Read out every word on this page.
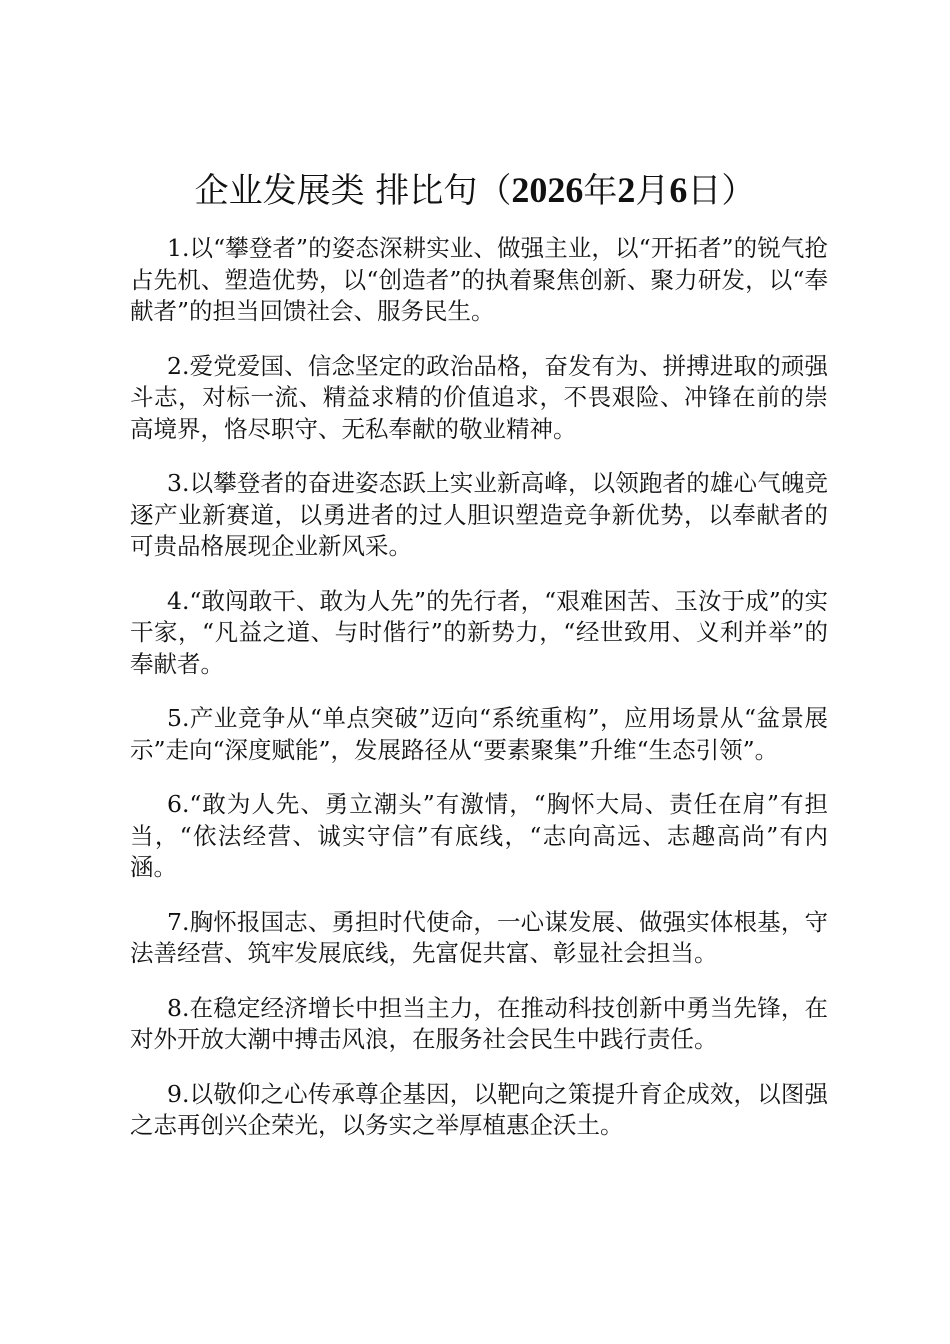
企业发展类 排比句（2026年2月6日）

1.以“攀登者”的姿态深耕实业、做强主业，以“开拓者”的锐气抢占先机、塑造优势，以“创造者”的执着聚焦创新、聚力研发，以“奉献者”的担当回馈社会、服务民生。

2.爱党爱国、信念坚定的政治品格，奋发有为、拼搏进取的顽强斗志，对标一流、精益求精的价值追求，不畏艰险、冲锋在前的崇高境界，恪尽职守、无私奉献的敬业精神。

3.以攀登者的奋进姿态跃上实业新高峰，以领跑者的雄心气魄竞逐产业新赛道，以勇进者的过人胆识塑造竞争新优势，以奉献者的可贵品格展现企业新风采。

4.“敢闯敢干、敢为人先”的先行者，“艰难困苦、玉汝于成”的实干家，“凡益之道、与时偕行”的新势力，“经世致用、义利并举”的奉献者。

5.产业竞争从“单点突破”迈向“系统重构”，应用场景从“盆景展示”走向“深度赋能”，发展路径从“要素聚集”升维“生态引领”。

6.“敢为人先、勇立潮头”有激情，“胸怀大局、责任在肩”有担当，“依法经营、诚实守信”有底线，“志向高远、志趣高尚”有内涵。

7.胸怀报国志、勇担时代使命，一心谋发展、做强实体根基，守法善经营、筑牢发展底线，先富促共富、彰显社会担当。

8.在稳定经济增长中担当主力，在推动科技创新中勇当先锋，在对外开放大潮中搏击风浪，在服务社会民生中践行责任。

9.以敬仰之心传承尊企基因，以靶向之策提升育企成效，以图强之志再创兴企荣光，以务实之举厚植惠企沃土。
